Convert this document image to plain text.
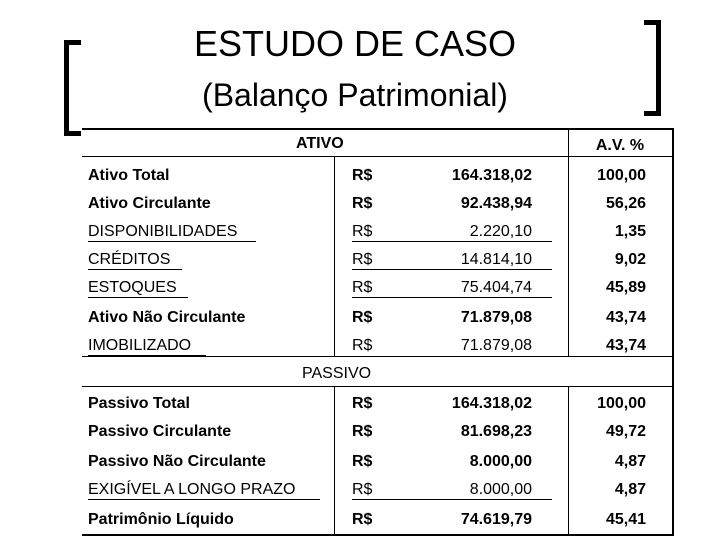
ESTUDO DE CASO
(Balanço Patrimonial)
ATIVO	A.V. %
Ativo Total	R$	164.318,02	100,00
Ativo Circulante	R$	92.438,94	56,26
DISPONIBILIDADES	R$	2.220,10	1,35
CRÉDITOS	R$	14.814,10	9,02
ESTOQUES	R$	75.404,74	45,89
Ativo Não Circulante	R$	71.879,08	43,74
IMOBILIZADO	R$	71.879,08	43,74
PASSIVO
Passivo Total	R$	164.318,02	100,00
Passivo Circulante	R$	81.698,23	49,72
Passivo Não Circulante	R$	8.000,00	4,87
EXIGÍVEL A LONGO PRAZO	R$	8.000,00	4,87
Patrimônio Líquido	R$	74.619,79	45,41
